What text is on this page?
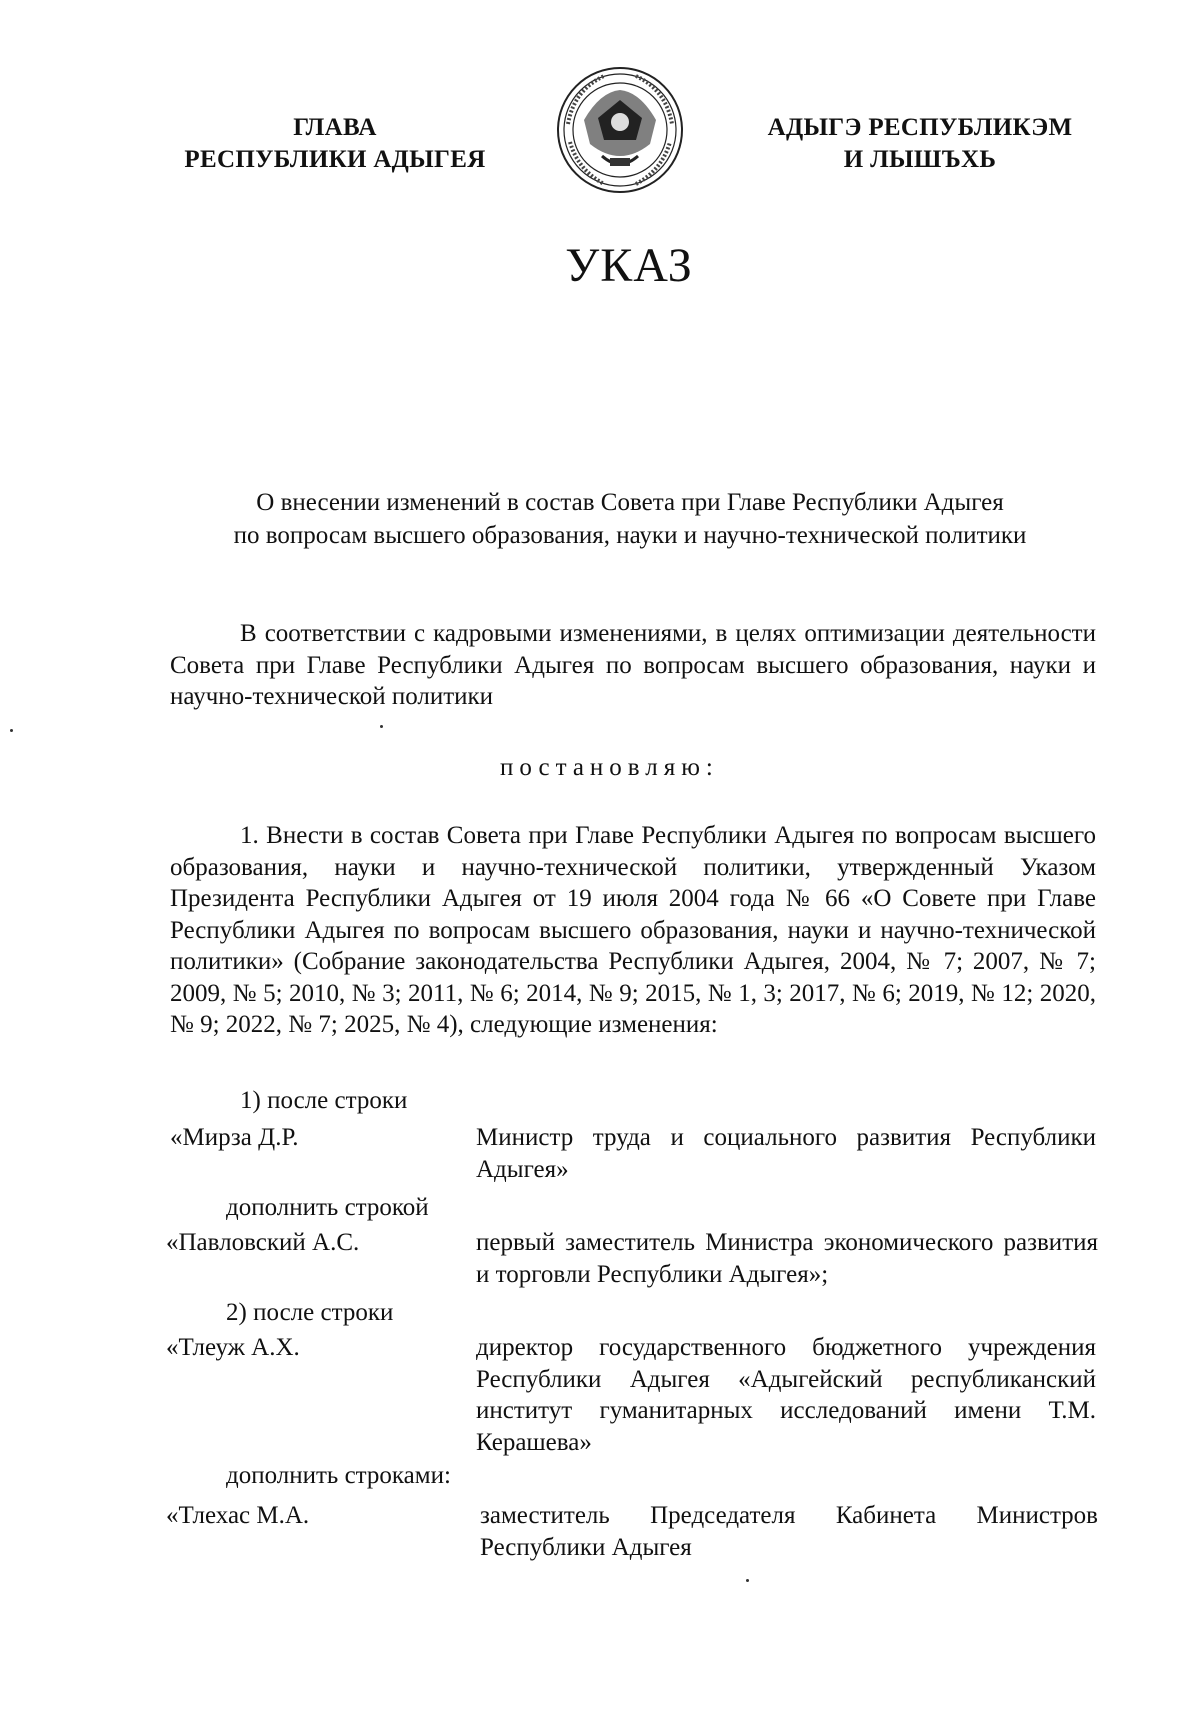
ГЛАВА
РЕСПУБЛИКИ АДЫГЕЯ
АДЫГЭ РЕСПУБЛИКЭМ
И ЛЫШЪХЬ
УКАЗ
О внесении изменений в состав Совета при Главе Республики Адыгея
по вопросам высшего образования, науки и научно-технической политики
В соответствии с кадровыми изменениями, в целях оптимизации деятельности Совета при Главе Республики Адыгея по вопросам высшего образования, науки и научно-технической политики
постановляю:
1. Внести в состав Совета при Главе Республики Адыгея по вопросам высшего образования, науки и научно-технической политики, утвержденный Указом Президента Республики Адыгея от 19 июля 2004 года № 66 «О Совете при Главе Республики Адыгея по вопросам высшего образования, науки и научно-технической политики» (Собрание законодательства Республики Адыгея, 2004, № 7; 2007, № 7; 2009, № 5; 2010, № 3; 2011, № 6; 2014, № 9; 2015, № 1, 3; 2017, № 6; 2019, № 12; 2020, № 9; 2022, № 7; 2025, № 4), следующие изменения:
1) после строки
«Мирза Д.Р.	Министр труда и социального развития Республики Адыгея»
дополнить строкой
«Павловский А.С.	первый заместитель Министра экономического развития и торговли Республики Адыгея»;
2) после строки
«Тлеуж А.Х.	директор государственного бюджетного учреждения Республики Адыгея «Адыгейский республиканский институт гуманитарных исследований имени Т.М. Керашева»
дополнить строками:
«Тлехас М.А.	заместитель Председателя Кабинета Министров Республики Адыгея
